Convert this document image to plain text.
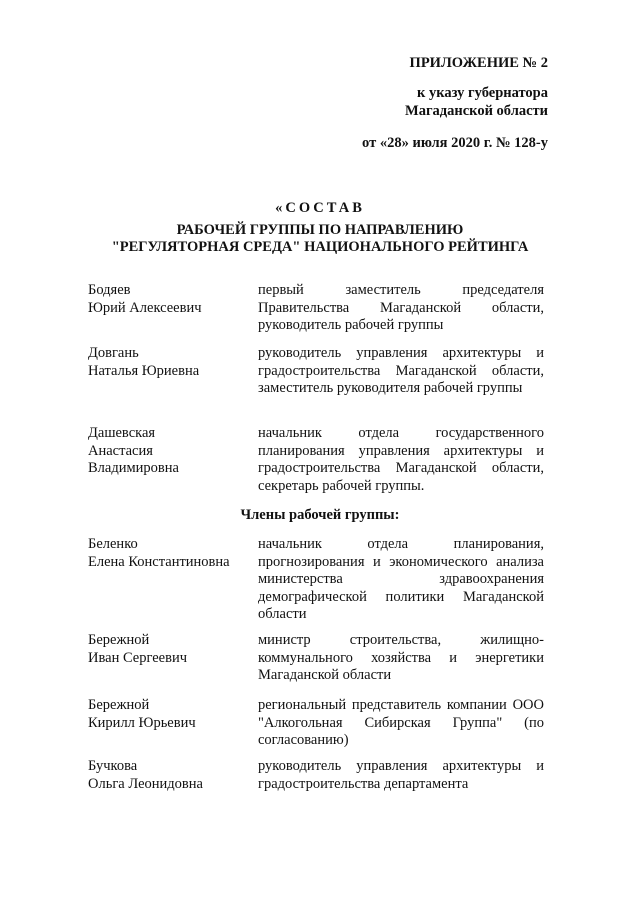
ПРИЛОЖЕНИЕ № 2
к указу губернатора
Магаданской области
от «28» июля 2020 г. № 128-у
«СОСТАВ
РАБОЧЕЙ ГРУППЫ ПО НАПРАВЛЕНИЮ
"РЕГУЛЯТОРНАЯ СРЕДА" НАЦИОНАЛЬНОГО РЕЙТИНГА
Бодяев
Юрий Алексеевич
первый заместитель председателя Правительства Магаданской области, руководитель рабочей группы
Довгань
Наталья Юриевна
руководитель управления архитектуры и градостроительства Магаданской области, заместитель руководителя рабочей группы
Дашевская
Анастасия
Владимировна
начальник отдела государственного планирования управления архитектуры и градостроительства Магаданской области, секретарь рабочей группы.
Члены рабочей группы:
Беленко
Елена Константиновна
начальник отдела планирования, прогнозирования и экономического анализа министерства здравоохранения демографической политики Магаданской области
Бережной
Иван Сергеевич
министр строительства, жилищно-коммунального хозяйства и энергетики Магаданской области
Бережной
Кирилл Юрьевич
региональный представитель компании ООО "Алкогольная Сибирская Группа" (по согласованию)
Бучкова
Ольга Леонидовна
руководитель управления архитектуры и градостроительства департамента
